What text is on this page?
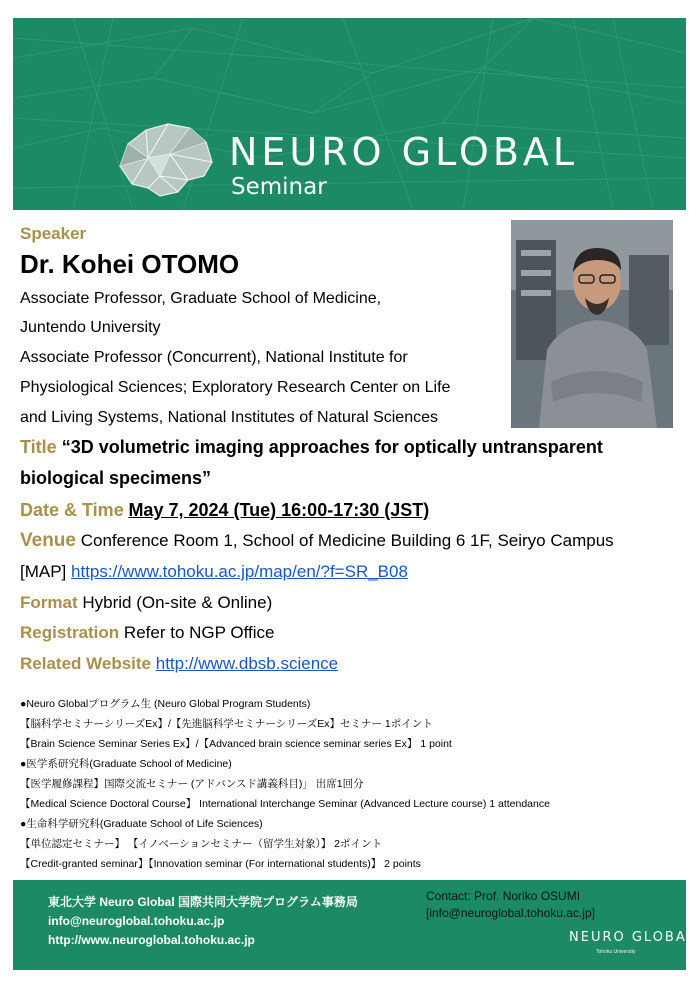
NEURO GLOBAL
Seminar
Speaker
Dr. Kohei OTOMO
Associate Professor, Graduate School of Medicine,
Juntendo University
Associate Professor (Concurrent), National Institute for
Physiological Sciences; Exploratory Research Center on Life
and Living Systems, National Institutes of Natural Sciences
Title “3D volumetric imaging approaches for optically untransparent
biological specimens”
Date & Time May 7, 2024 (Tue) 16:00-17:30 (JST)
Venue Conference Room 1, School of Medicine Building 6 1F, Seiryo Campus
[MAP] https://www.tohoku.ac.jp/map/en/?f=SR_B08
Format Hybrid (On-site & Online)
Registration Refer to NGP Office
Related Website http://www.dbsb.science
●Neuro Globalプログラム生 (Neuro Global Program Students)
【脳科学セミナーシリーズEx】/【先進脳科学セミナーシリーズEx】セミナー 1ポイント
【Brain Science Seminar Series Ex】/【Advanced brain science seminar series Ex】 1 point
●医学系研究科(Graduate School of Medicine)
【医学履修課程】国際交流セミナー (アドバンスド講義科目)」 出席1回分
【Medical Science Doctoral Course】 International Interchange Seminar (Advanced Lecture course) 1 attendance
●生命科学研究科(Graduate School of Life Sciences)
【単位認定セミナー】 【イノベーションセミナー（留学生対象）】 2ポイント
【Credit-granted seminar】【Innovation seminar (For international students)】 2 points
東北大学 Neuro Global 国際共同大学院プログラム事務局
info@neuroglobal.tohoku.ac.jp
http://www.neuroglobal.tohoku.ac.jp
Contact: Prof. Noriko OSUMI
[info@neuroglobal.tohoku.ac.jp]
NEURO GLOBAL
Tohoku University
